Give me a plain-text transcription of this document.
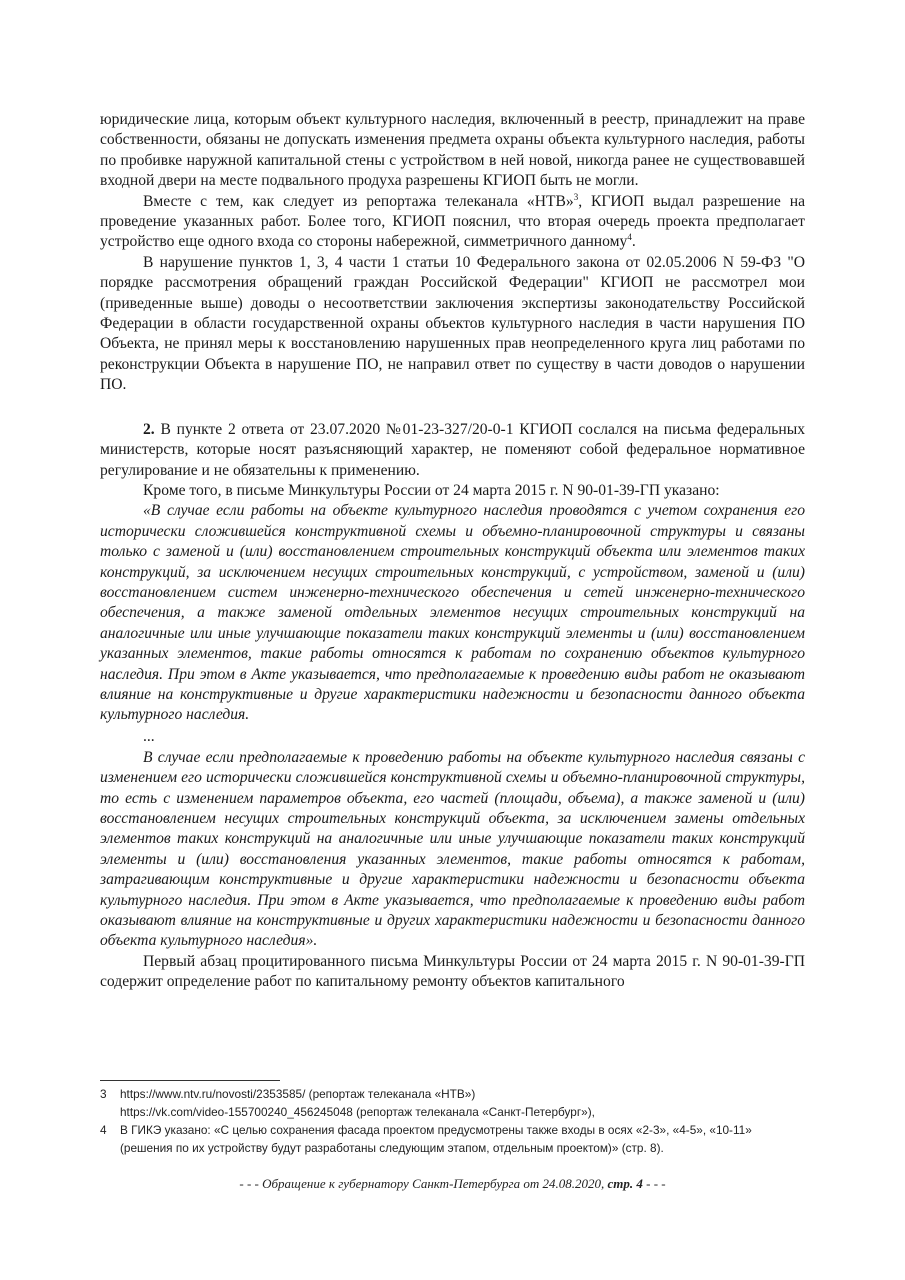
юридические лица, которым объект культурного наследия, включенный в реестр, принадлежит на праве собственности, обязаны не допускать изменения предмета охраны объекта культурного наследия, работы по пробивке наружной капитальной стены с устройством в ней новой, никогда ранее не существовавшей входной двери на месте подвального продуха разрешены КГИОП быть не могли.

Вместе с тем, как следует из репортажа телеканала «НТВ»$^3$, КГИОП выдал разрешение на проведение указанных работ. Более того, КГИОП пояснил, что вторая очередь проекта предполагает устройство еще одного входа со стороны набережной, симметричного данному$^4$.

В нарушение пунктов 1, 3, 4 части 1 статьи 10 Федерального закона от 02.05.2006 N 59-ФЗ "О порядке рассмотрения обращений граждан Российской Федерации" КГИОП не рассмотрел мои (приведенные выше) доводы о несоответствии заключения экспертизы законодательству Российской Федерации в области государственной охраны объектов культурного наследия в части нарушения ПО Объекта, не принял меры к восстановлению нарушенных прав неопределенного круга лиц работами по реконструкции Объекта в нарушение ПО, не направил ответ по существу в части доводов о нарушении ПО.

2. В пункте 2 ответа от 23.07.2020 №01-23-327/20-0-1 КГИОП сослался на письма федеральных министерств, которые носят разъясняющий характер, не поменяют собой федеральное нормативное регулирование и не обязательны к применению.

Кроме того, в письме Минкультуры России от 24 марта 2015 г. N 90-01-39-ГП указано:

«В случае если работы на объекте культурного наследия проводятся с учетом сохранения его исторически сложившейся конструктивной схемы и объемно-планировочной структуры и связаны только с заменой и (или) восстановлением строительных конструкций объекта или элементов таких конструкций, за исключением несущих строительных конструкций, с устройством, заменой и (или) восстановлением систем инженерно-технического обеспечения и сетей инженерно-технического обеспечения, а также заменой отдельных элементов несущих строительных конструкций на аналогичные или иные улучшающие показатели таких конструкций элементы и (или) восстановлением указанных элементов, такие работы относятся к работам по сохранению объектов культурного наследия. При этом в Акте указывается, что предполагаемые к проведению виды работ не оказывают влияние на конструктивные и другие характеристики надежности и безопасности данного объекта культурного наследия.

...

В случае если предполагаемые к проведению работы на объекте культурного наследия связаны с изменением его исторически сложившейся конструктивной схемы и объемно-планировочной структуры, то есть с изменением параметров объекта, его частей (площади, объема), а также заменой и (или) восстановлением несущих строительных конструкций объекта, за исключением замены отдельных элементов таких конструкций на аналогичные или иные улучшающие показатели таких конструкций элементы и (или) восстановления указанных элементов, такие работы относятся к работам, затрагивающим конструктивные и другие характеристики надежности и безопасности объекта культурного наследия. При этом в Акте указывается, что предполагаемые к проведению виды работ оказывают влияние на конструктивные и других характеристики надежности и безопасности данного объекта культурного наследия».

Первый абзац процитированного письма Минкультуры России от 24 марта 2015 г. N 90-01-39-ГП содержит определение работ по капитальному ремонту объектов капитального

3	https://www.ntv.ru/novosti/2353585/ (репортаж телеканала «НТВ»)
https://vk.com/video-155700240_456245048 (репортаж телеканала «Санкт-Петербург»),
4	В ГИКЭ указано: «С целью сохранения фасада проектом предусмотрены также входы в осях «2-3», «4-5», «10-11» (решения по их устройству будут разработаны следующим этапом, отдельным проектом)» (стр. 8).
- - - Обращение к губернатору Санкт-Петербурга от 24.08.2020, стр. 4 - - -
